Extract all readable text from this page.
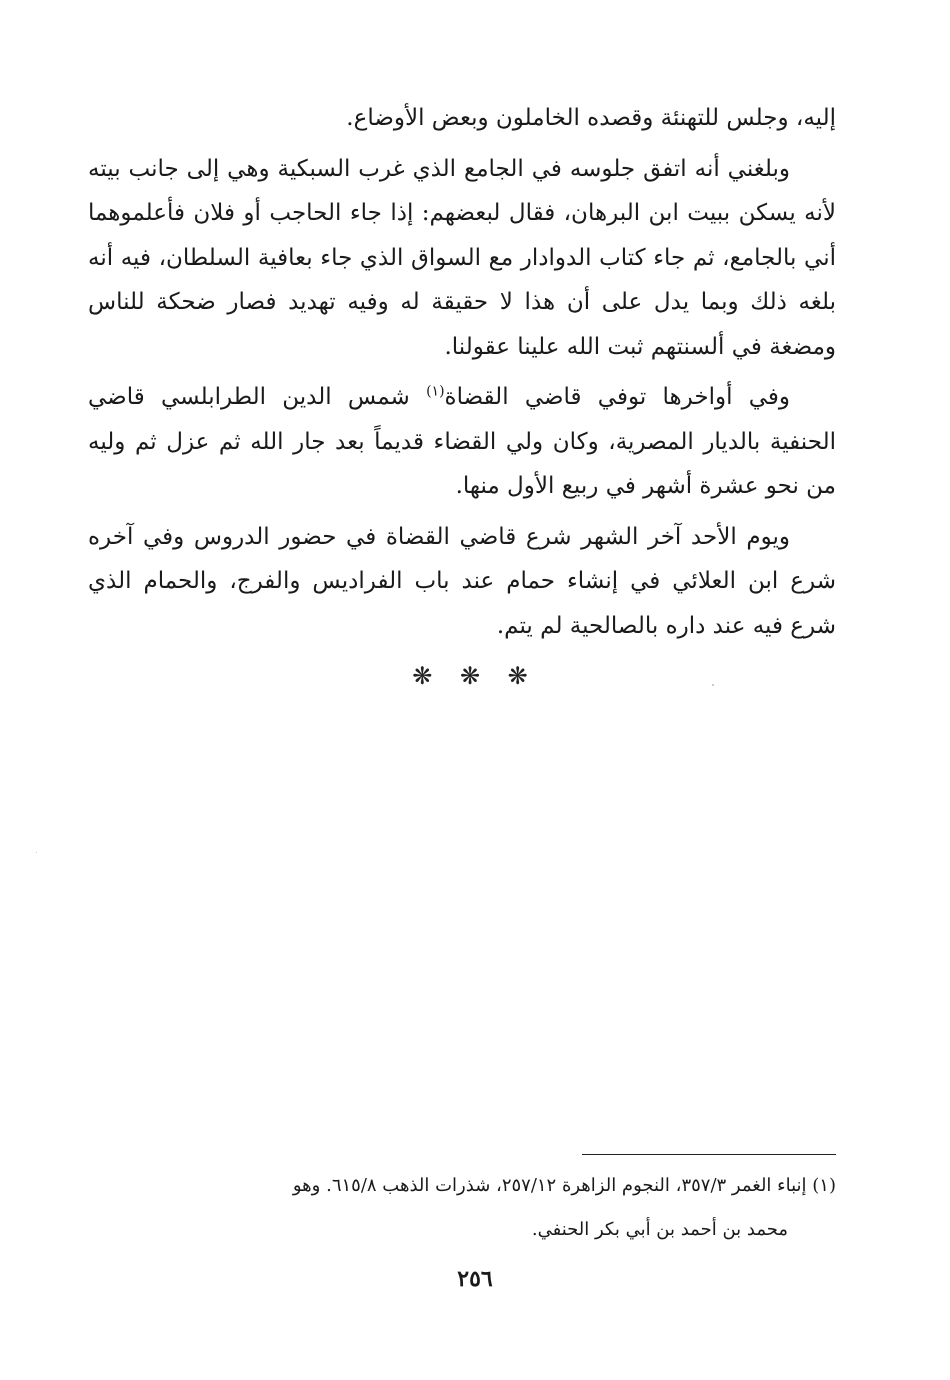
إليه، وجلس للتهنئة وقصده الخاملون وبعض الأوضاع.

وبلغني أنه اتفق جلوسه في الجامع الذي غرب السبكية وهي إلى جانب بيته لأنه يسكن ببيت ابن البرهان، فقال لبعضهم: إذا جاء الحاجب أو فلان فأعلموهما أني بالجامع، ثم جاء كتاب الدوادار مع السواق الذي جاء بعافية السلطان، فيه أنه بلغه ذلك وبما يدل على أن هذا لا حقيقة له وفيه تهديد فصار ضحكة للناس ومضغة في ألسنتهم ثبت الله علينا عقولنا.

وفي أواخرها توفي قاضي القضاة$^{(١)}$ شمس الدين الطرابلسي قاضي الحنفية بالديار المصرية، وكان ولي القضاء قديماً بعد جار الله ثم عزل ثم وليه من نحو عشرة أشهر في ربيع الأول منها.

ويوم الأحد آخر الشهر شرع قاضي القضاة في حضور الدروس وفي آخره شرع ابن العلائي في إنشاء حمام عند باب الفراديس والفرج، والحمام الذي شرع فيه عند داره بالصالحية لم يتم.

❋ ❋ ❋

(١) إنباء الغمر ٣٥٧/٣، النجوم الزاهرة ٢٥٧/١٢، شذرات الذهب ٦١٥/٨. وهو

محمد بن أحمد بن أبي بكر الحنفي.

٢٥٦
